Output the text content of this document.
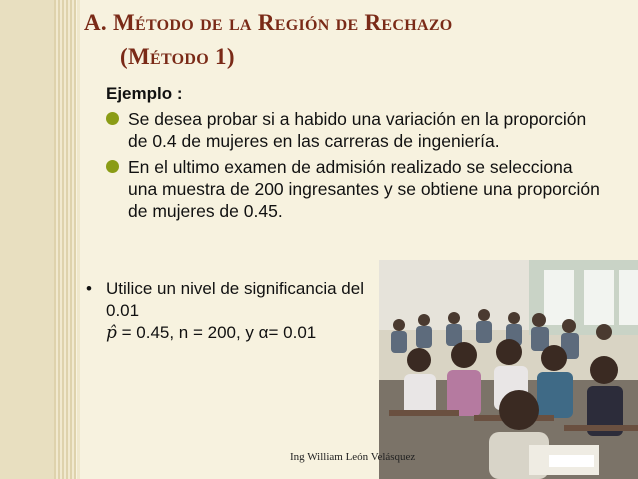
A. Método de la Región de Rechazo
(Método 1)

Ejemplo :

Se desea probar si a habido una variación en la proporción de 0.4 de mujeres en las carreras de ingeniería.
En el ultimo examen de admisión realizado se selecciona una muestra de 200 ingresantes y se obtiene una proporción de mujeres de 0.45.
• Utilice un nivel de significancia del 0.01
p̂ = 0.45, n = 200, y α= 0.01

Ing William León Velásquez
